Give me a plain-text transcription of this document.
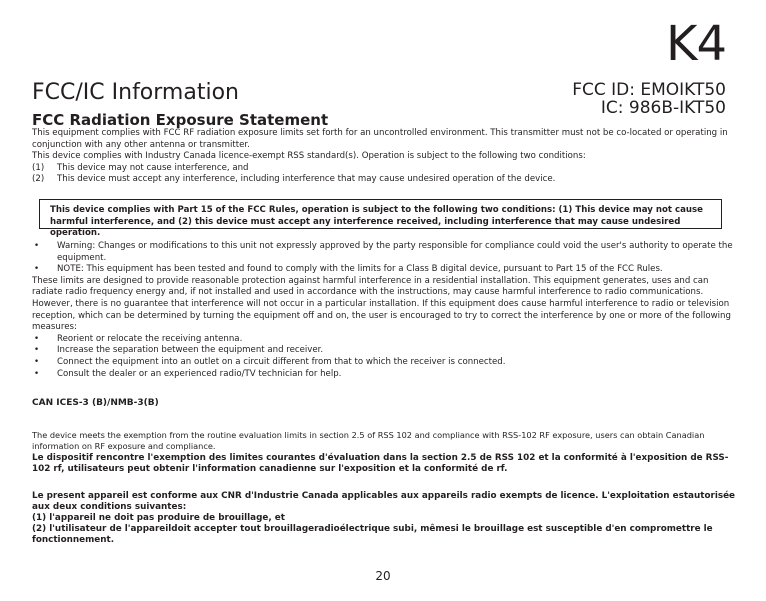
K4
FCC ID: EMOIKT50
IC: 986B-IKT50
FCC/IC Information
FCC Radiation Exposure Statement

This equipment complies with FCC RF radiation exposure limits set forth for an uncontrolled environment. This transmitter must not be co-located or operating in conjunction with any other antenna or transmitter.

This device complies with Industry Canada licence-exempt RSS standard(s). Operation is subject to the following two conditions:

(1) This device may not cause interference, and
(2) This device must accept any interference, including interference that may cause undesired operation of the device.
This device complies with Part 15 of the FCC Rules, operation is subject to the following two conditions: (1) This device may not cause harmful interference, and (2) this device must accept any interference received, including interference that may cause undesired operation.
• Warning: Changes or modifications to this unit not expressly approved by the party responsible for compliance could void the user's authority to operate the equipment.
• NOTE: This equipment has been tested and found to comply with the limits for a Class B digital device, pursuant to Part 15 of the FCC Rules.

These limits are designed to provide reasonable protection against harmful interference in a residential installation. This equipment generates, uses and can radiate radio frequency energy and, if not installed and used in accordance with the instructions, may cause harmful interference to radio communications.

However, there is no guarantee that interference will not occur in a particular installation. If this equipment does cause harmful interference to radio or television reception, which can be determined by turning the equipment off and on, the user is encouraged to try to correct the interference by one or more of the following measures:

• Reorient or relocate the receiving antenna.
• Increase the separation between the equipment and receiver.
• Connect the equipment into an outlet on a circuit different from that to which the receiver is connected.
• Consult the dealer or an experienced radio/TV technician for help.
CAN ICES-3 (B)/NMB-3(B)
The device meets the exemption from the routine evaluation limits in section 2.5 of RSS 102 and compliance with RSS-102 RF exposure, users can obtain Canadian information on RF exposure and compliance.

Le dispositif rencontre l'exemption des limites courantes d'évaluation dans la section 2.5 de RSS 102 et la conformité à l'exposition de RSS-102 rf, utilisateurs peut obtenir l'information canadienne sur l'exposition et la conformité de rf.

Le present appareil est conforme aux CNR d'Industrie Canada applicables aux appareils radio exempts de licence. L'exploitation estautorisée aux deux conditions suivantes:

(1) l'appareil ne doit pas produire de brouillage, et

(2) l'utilisateur de l'appareildoit accepter tout brouillageradioélectrique subi, mêmesi le brouillage est susceptible d'en compromettre le fonctionnement.

20
